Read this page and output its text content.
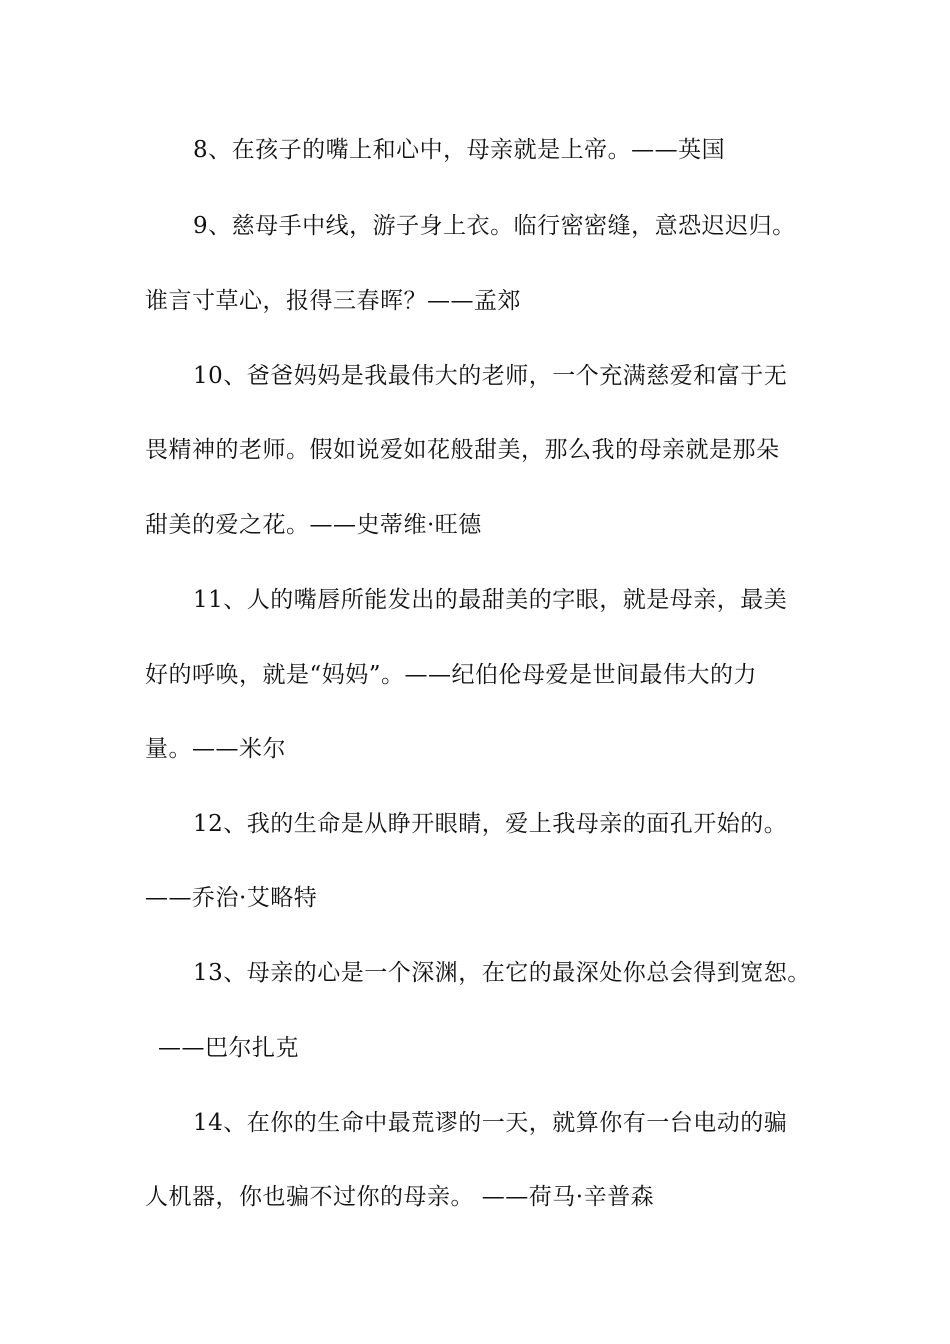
8、在孩子的嘴上和心中，母亲就是上帝。——英国
9、慈母手中线，游子身上衣。临行密密缝，意恐迟迟归。
谁言寸草心，报得三春晖？——孟郊
10、爸爸妈妈是我最伟大的老师，一个充满慈爱和富于无
畏精神的老师。假如说爱如花般甜美，那么我的母亲就是那朵
甜美的爱之花。——史蒂维·旺德
11、人的嘴唇所能发出的最甜美的字眼，就是母亲，最美
好的呼唤，就是“妈妈”。——纪伯伦母爱是世间最伟大的力
量。——米尔
12、我的生命是从睁开眼睛，爱上我母亲的面孔开始的。
——乔治·艾略特
13、母亲的心是一个深渊，在它的最深处你总会得到宽恕。
——巴尔扎克
14、在你的生命中最荒谬的一天，就算你有一台电动的骗
人机器，你也骗不过你的母亲。 ——荷马·辛普森
